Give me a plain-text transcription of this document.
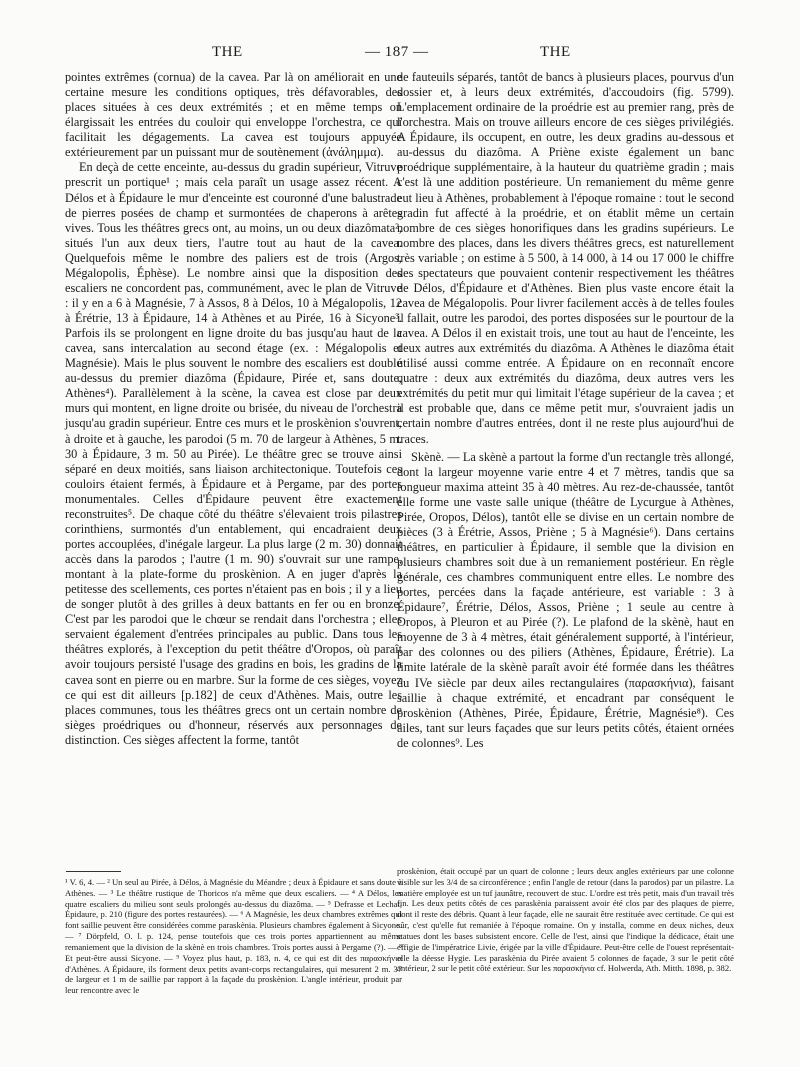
THE	— 187 —	THE

pointes extrêmes (cornua) de la cavea. Par là on améliorait en une certaine mesure les conditions optiques, très défavorables, des places situées à ces deux extrémités ; et en même temps on élargissait les entrées du couloir qui enveloppe l'orchestra, ce qui facilitait les dégagements. La cavea est toujours appuyée extérieurement par un puissant mur de soutènement (ἀνάλημμα).

En deçà de cette enceinte, au-dessus du gradin supérieur, Vitruve prescrit un portique¹ ; mais cela paraît un usage assez récent. A Délos et à Épidaure le mur d'enceinte est couronné d'une balustrade de pierres posées de champ et surmontées de chaperons à arêtes vives. Tous les théâtres grecs ont, au moins, un ou deux diazômata², situés l'un aux deux tiers, l'autre tout au haut de la cavea. Quelquefois même le nombre des paliers est de trois (Argos, Mégalopolis, Éphèse). Le nombre ainsi que la disposition des escaliers ne concordent pas, communément, avec le plan de Vitruve : il y en a 6 à Magnésie, 7 à Assos, 8 à Délos, 10 à Mégalopolis, 12 à Érétrie, 13 à Épidaure, 14 à Athènes et au Pirée, 16 à Sicyone³. Parfois ils se prolongent en ligne droite du bas jusqu'au haut de la cavea, sans intercalation au second étage (ex. : Mégalopolis et Magnésie). Mais le plus souvent le nombre des escaliers est doublé au-dessus du premier diazôma (Épidaure, Pirée et, sans doute, Athènes⁴). Parallèlement à la scène, la cavea est close par deux murs qui montent, en ligne droite ou brisée, du niveau de l'orchestra jusqu'au gradin supérieur. Entre ces murs et le proskènion s'ouvrent, à droite et à gauche, les parodoi (5 m. 70 de largeur à Athènes, 5 m. 30 à Épidaure, 3 m. 50 au Pirée). Le théâtre grec se trouve ainsi séparé en deux moitiés, sans liaison architectonique. Toutefois ces couloirs étaient fermés, à Épidaure et à Pergame, par des portes monumentales. Celles d'Épidaure peuvent être exactement reconstruites⁵. De chaque côté du théâtre s'élevaient trois pilastres corinthiens, surmontés d'un entablement, qui encadraient deux portes accouplées, d'inégale largeur. La plus large (2 m. 30) donnait accès dans la parodos ; l'autre (1 m. 90) s'ouvrait sur une rampe, montant à la plate-forme du proskènion. A en juger d'après la petitesse des scellements, ces portes n'étaient pas en bois ; il y a lieu de songer plutôt à des grilles à deux battants en fer ou en bronze. C'est par les parodoi que le chœur se rendait dans l'orchestra ; elles servaient également d'entrées principales au public. Dans tous les théâtres explorés, à l'exception du petit théâtre d'Oropos, où paraît avoir toujours persisté l'usage des gradins en bois, les gradins de la cavea sont en pierre ou en marbre. Sur la forme de ces sièges, voyez ce qui est dit ailleurs [p.182] de ceux d'Athènes. Mais, outre les places communes, tous les théâtres grecs ont un certain nombre de sièges proédriques ou d'honneur, réservés aux personnages de distinction. Ces sièges affectent la forme, tantôt

de fauteuils séparés, tantôt de bancs à plusieurs places, pourvus d'un dossier et, à leurs deux extrémités, d'accoudoirs (fig. 5799). L'emplacement ordinaire de la proédrie est au premier rang, près de l'orchestra. Mais on trouve ailleurs encore de ces sièges privilégiés. A Épidaure, ils occupent, en outre, les deux gradins au-dessous et au-dessus du diazôma. A Priène existe également un banc proédrique supplémentaire, à la hauteur du quatrième gradin ; mais c'est là une addition postérieure. Un remaniement du même genre eut lieu à Athènes, probablement à l'époque romaine : tout le second gradin fut affecté à la proédrie, et on établit même un certain nombre de ces sièges honorifiques dans les gradins supérieurs. Le nombre des places, dans les divers théâtres grecs, est naturellement très variable ; on estime à 5 500, à 14 000, à 14 ou 17 000 le chiffre des spectateurs que pouvaient contenir respectivement les théâtres de Délos, d'Épidaure et d'Athènes. Bien plus vaste encore était la cavea de Mégalopolis. Pour livrer facilement accès à de telles foules il fallait, outre les parodoi, des portes disposées sur le pourtour de la cavea. A Délos il en existait trois, une tout au haut de l'enceinte, les deux autres aux extrémités du diazôma. A Athènes le diazôma était utilisé aussi comme entrée. A Épidaure on en reconnaît encore quatre : deux aux extrémités du diazôma, deux autres vers les extrémités du petit mur qui limitait l'étage supérieur de la cavea ; et il est probable que, dans ce même petit mur, s'ouvraient jadis un certain nombre d'autres entrées, dont il ne reste plus aujourd'hui de traces.

Skènè. — La skènè a partout la forme d'un rectangle très allongé, dont la largeur moyenne varie entre 4 et 7 mètres, tandis que sa longueur maxima atteint 35 à 40 mètres. Au rez-de-chaussée, tantôt elle forme une vaste salle unique (théâtre de Lycurgue à Athènes, Pirée, Oropos, Délos), tantôt elle se divise en un certain nombre de pièces (3 à Érétrie, Assos, Priène ; 5 à Magnésie⁶). Dans certains théâtres, en particulier à Épidaure, il semble que la division en plusieurs chambres soit due à un remaniement postérieur. En règle générale, ces chambres communiquent entre elles. Le nombre des portes, percées dans la façade antérieure, est variable : 3 à Épidaure⁷, Érétrie, Délos, Assos, Priène ; 1 seule au centre à Oropos, à Pleuron et au Pirée (?). Le plafond de la skènè, haut en moyenne de 3 à 4 mètres, était généralement supporté, à l'intérieur, par des colonnes ou des piliers (Athènes, Épidaure, Érétrie). La limite latérale de la skènè paraît avoir été formée dans les théâtres du IVe siècle par deux ailes rectangulaires (παρασκήνια), faisant saillie à chaque extrémité, et encadrant par conséquent le proskènion (Athènes, Pirée, Épidaure, Érétrie, Magnésie⁸). Ces ailes, tant sur leurs façades que sur leurs petits côtés, étaient ornées de colonnes⁹. Les

¹ V. 6, 4. — ² Un seul au Pirée, à Délos, à Magnésie du Méandre ; deux à Épidaure et sans doute à Athènes. — ³ Le théâtre rustique de Thoricos n'a même que deux escaliers. — ⁴ A Délos, les quatre escaliers du milieu sont seuls prolongés au-dessus du diazôma. — ⁵ Defrasse et Lechat, Épidaure, p. 210 (figure des portes restaurées). — ⁶ A Magnésie, les deux chambres extrêmes qui font saillie peuvent être considérées comme paraskènia. Plusieurs chambres également à Sicyone. — ⁷ Dörpfeld, O. l. p. 124, pense toutefois que ces trois portes appartiennent au même remaniement que la division de la skènè en trois chambres. Trois portes aussi à Pergame (?). — ⁸ Et peut-être aussi Sicyone. — ⁹ Voyez plus haut, p. 183, n. 4, ce qui est dit des παρασκήνια d'Athènes. A Épidaure, ils forment deux petits avant-corps rectangulaires, qui mesurent 2 m. 37 de largeur et 1 m de saillie par rapport à la façade du proskènion. L'angle intérieur, produit par leur rencontre avec le

proskènion, était occupé par un quart de colonne ; leurs deux angles extérieurs par une colonne visible sur les 3/4 de sa circonférence ; enfin l'angle de retour (dans la parodos) par un pilastre. La matière employée est un tuf jaunâtre, recouvert de stuc. L'ordre est très petit, mais d'un travail très fin. Les deux petits côtés de ces paraskènia paraissent avoir été clos par des plaques de pierre, dont il reste des débris. Quant à leur façade, elle ne saurait être restituée avec certitude. Ce qui est sûr, c'est qu'elle fut remaniée à l'époque romaine. On y installa, comme en deux niches, deux statues dont les bases subsistent encore. Celle de l'est, ainsi que l'indique la dédicace, était une effigie de l'impératrice Livie, érigée par la ville d'Épidaure. Peut-être celle de l'ouest représentait-elle la déesse Hygie. Les paraskènia du Pirée avaient 5 colonnes de façade, 3 sur le petit côté antérieur, 2 sur le petit côté extérieur. Sur les παρασκήνια cf. Holwerda, Ath. Mitth. 1898, p. 382.
